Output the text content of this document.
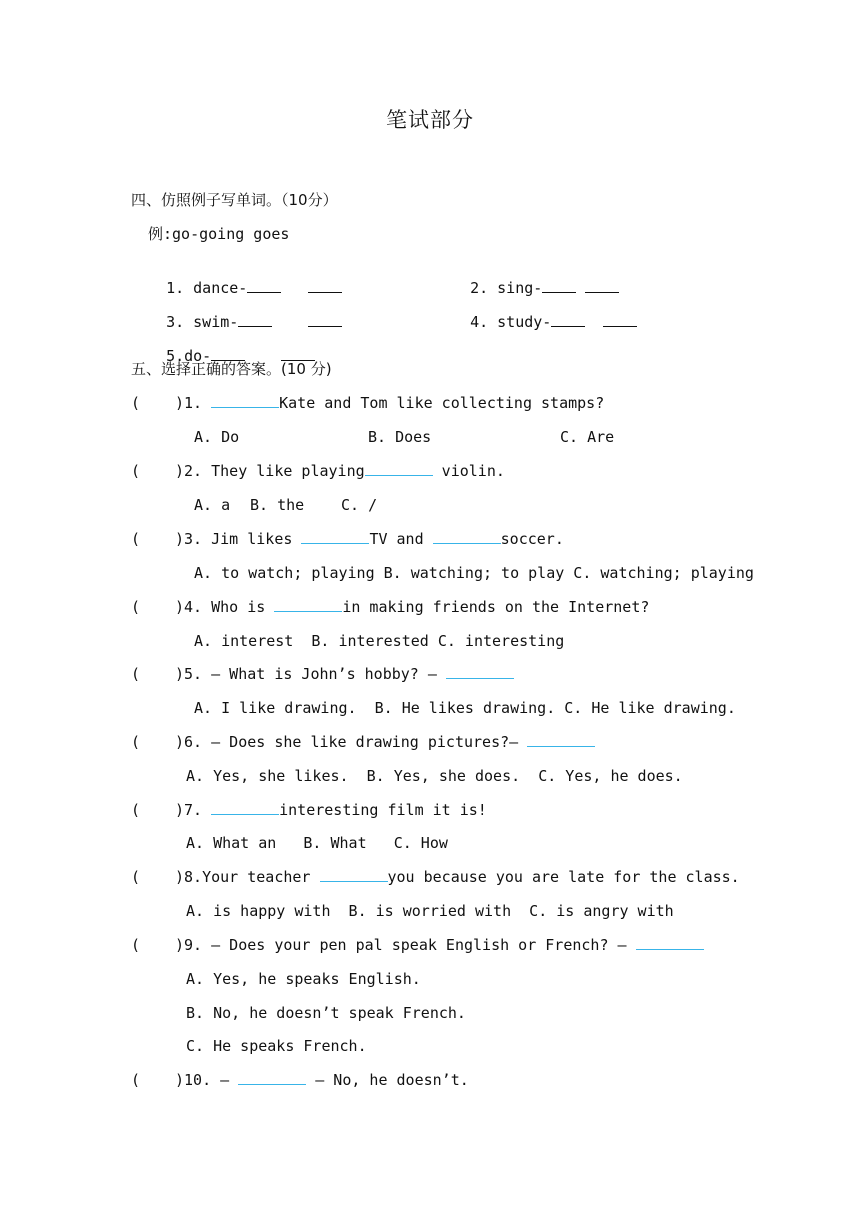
笔试部分
四、仿照例子写单词。（10分）
例:go-going goes

1. dance-	2. sing-

3. swim-	4. study-

5.do-

五、选择正确的答案。(10 分)
( )1.	Kate and Tom like collecting stamps?
A. Do	B. Does	C. Are
( )2. They like playing	violin.
A. a B. the C. /
( )3. Jim likes	TV and	soccer.
A. to watch; playing B. watching; to play C. watching; playing
( )4. Who is	in making friends on the Internet?
A. interest  B. interested C. interesting
( )5. — What is John’s hobby? —
A. I like drawing.  B. He likes drawing. C. He like drawing.
( )6. — Does she like drawing pictures?—
A. Yes, she likes.  B. Yes, she does.  C. Yes, he does.
( )7.	interesting film it is!
A. What an   B. What   C. How
( )8.Your teacher	you because you are late for the class.
A. is happy with  B. is worried with  C. is angry with
( )9. — Does your pen pal speak English or French? —
A. Yes, he speaks English.
B. No, he doesn’t speak French.
C. He speaks French.
( )10. —	— No, he doesn’t.
